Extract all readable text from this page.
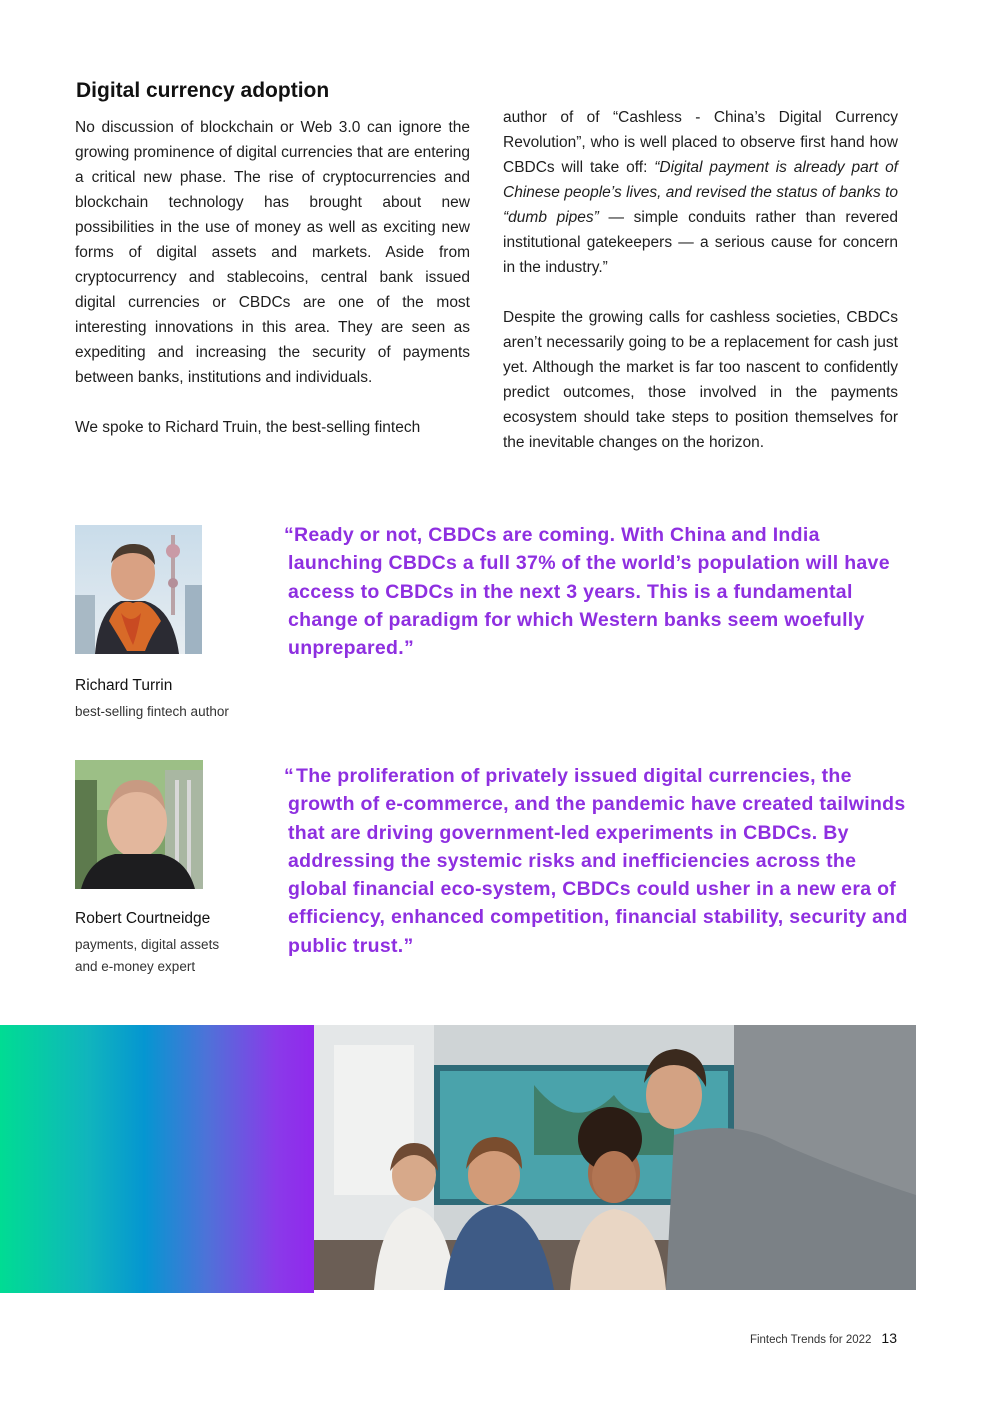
Digital currency adoption

No discussion of blockchain or Web 3.0 can ignore the growing prominence of digital currencies that are entering a critical new phase. The rise of cryptocurrencies and blockchain technology has brought about new possibilities in the use of money as well as exciting new forms of digital assets and markets. Aside from cryptocurrency and stablecoins, central bank issued digital currencies or CBDCs are one of the most interesting innovations in this area. They are seen as expediting and increasing the security of payments between banks, institutions and individuals.

We spoke to Richard Truin, the best-selling fintech

author of of “Cashless - China’s Digital Currency Revolution”, who is well placed to observe first hand how CBDCs will take off: “Digital payment is already part of Chinese people’s lives, and revised the status of banks to “dumb pipes” — simple conduits rather than revered institutional gatekeepers — a serious cause for concern in the industry.”

Despite the growing calls for cashless societies, CBDCs aren’t necessarily going to be a replacement for cash just yet. Although the market is far too nascent to confidently predict outcomes, those involved in the payments ecosystem should take steps to position themselves for the inevitable changes on the horizon.

Richard Turrin
best-selling fintech author
“ Ready or not, CBDCs are coming. With China and India launching CBDCs a full 37% of the world’s population will have access to CBDCs in the next 3 years. This is a fundamental change of paradigm for which Western banks seem woefully unprepared.”
Robert Courtneidge
payments, digital assets
and e-money expert
“ The proliferation of privately issued digital currencies, the growth of e-commerce, and the pandemic have created tailwinds that are driving government-led experiments in CBDCs. By addressing the systemic risks and inefficiencies across the global financial eco-system, CBDCs could usher in a new era of efficiency, enhanced competition, financial stability, security and public trust.”
Fintech Trends for 2022 13
